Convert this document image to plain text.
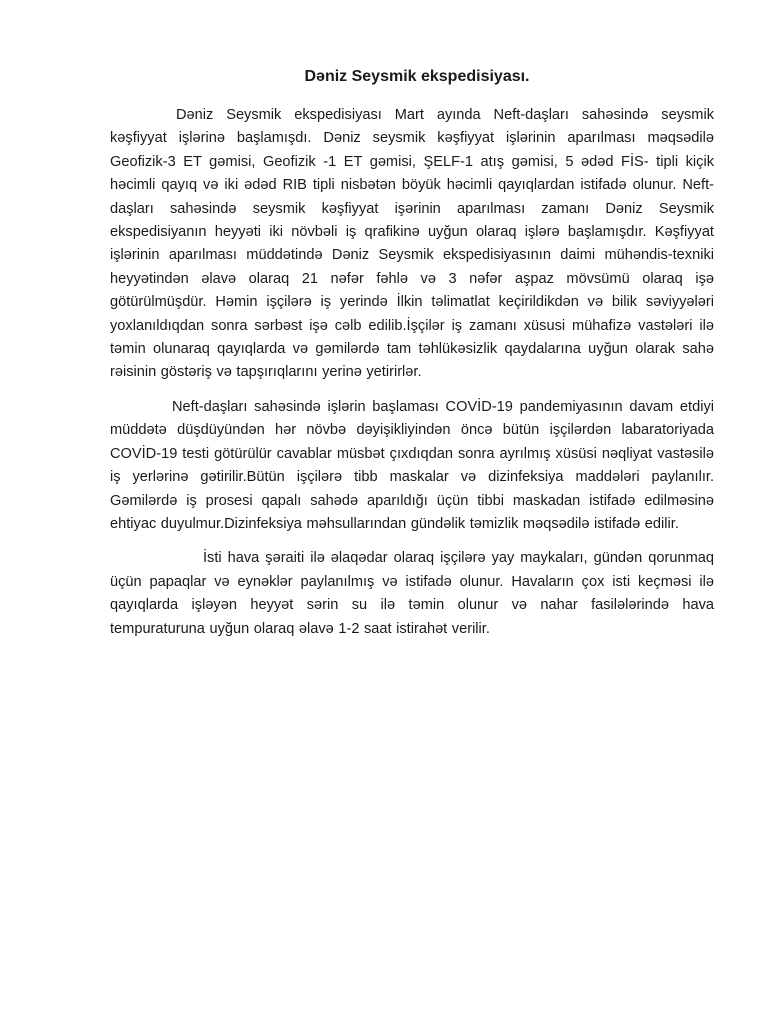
Dəniz Seysmik ekspedisiyası.

Dəniz Seysmik ekspedisiyası Mart ayında Neft-daşları sahəsində seysmik kəşfiyyat işlərinə başlamışdı. Dəniz seysmik kəşfiyyat işlərinin aparılması məqsədilə Geofizik-3 ET gəmisi, Geofizik -1 ET gəmisi, ŞELF-1 atış gəmisi, 5 ədəd FİS- tipli kiçik həcimli qayıq və iki ədəd RIB tipli nisbətən böyük həcimli qayıqlardan istifadə olunur. Neft-daşları sahəsində seysmik kəşfiyyat işərinin aparılması zamanı Dəniz Seysmik ekspedisiyanın heyyəti iki növbəli iş qrafikinə uyğun olaraq işlərə başlamışdır. Kəşfiyyat işlərinin aparılması müddətində Dəniz Seysmik ekspedisiyasının daimi mühəndis-texniki heyyətindən əlavə olaraq 21 nəfər fəhlə və 3 nəfər aşpaz mövsümü olaraq işə götürülmüşdür. Həmin işçilərə iş yerində İlkin təlimatlat keçirildikdən və bilik səviyyələri yoxlanıldıqdan sonra sərbəst işə cəlb edilib.İşçilər iş zamanı xüsusi mühafizə vastələri ilə təmin olunaraq qayıqlarda və gəmilərdə tam təhlükəsizlik qaydalarına uyğun olarak sahə rəisinin göstəriş və tapşırıqlarını yerinə yetirirlər.

Neft-daşları sahəsində işlərin başlaması COVİD-19 pandemiyasının davam etdiyi müddətə düşdüyündən hər növbə dəyişikliyindən öncə bütün işçilərdən labaratoriyada COVİD-19 testi götürülür cavablar müsbət çıxdıqdan sonra ayrılmış xüsüsi nəqliyat vastəsilə iş yerlərinə gətirilir.Bütün işçilərə tibb maskalar və dizinfeksiya maddələri paylanılır. Gəmilərdə iş prosesi qapalı sahədə aparıldığı üçün tibbi maskadan istifadə edilməsinə ehtiyac duyulmur.Dizinfeksiya məhsullarından gündəlik təmizlik məqsədilə istifadə edilir.

İsti hava şəraiti ilə əlaqədar olaraq işçilərə yay maykaları, gündən qorunmaq üçün papaqlar və eynəklər paylanılmış və istifadə olunur. Havaların çox isti keçməsi ilə qayıqlarda işləyən heyyət sərin su ilə təmin olunur və nahar fasilələrində hava tempuraturuna uyğun olaraq əlavə 1-2 saat istirahət verilir.
